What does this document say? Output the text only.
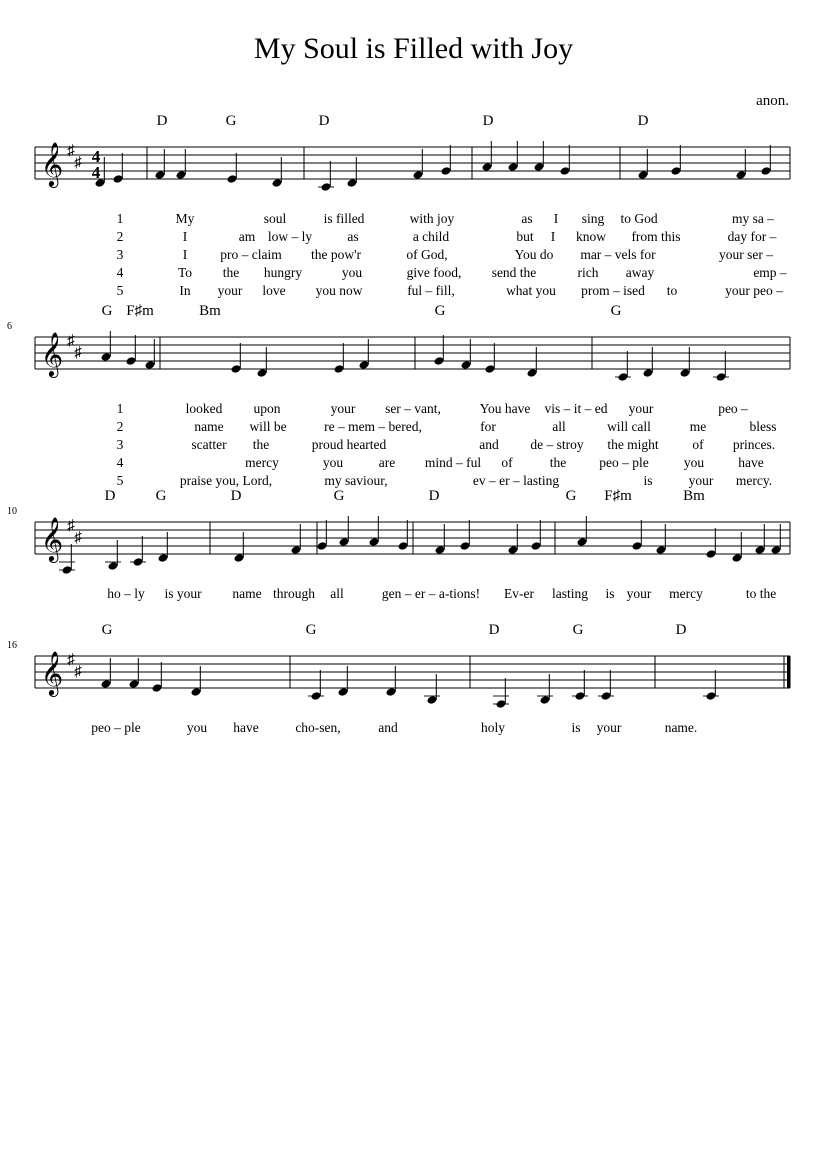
My Soul is Filled with Joy
anon.
𝄞 ♯
♯ 4
4
D	G	D	D	D
1	My	soul	is filled	with joy	as I sing to God	my sa –
2	I	am low – ly	as	a child	but I know from this	day for –
3	I pro – claim the pow'r	of God,	You do mar – vels for	your ser –
4	To the hungry	you	give food, send the	rich away	emp –
5	In your love you now	ful – fill,	what you prom – ised to	your peo –
𝄞 ♯
♯
6
G F♯m	Bm	G	G
1	looked upon	your ser – vant,	You have vis – it – ed your	peo –
2	name will be	re – mem – bered,	for	all	will call	me	bless
3	scatter the	proud hearted	and de – stroy the might of princes.
4	mercy	you	are mind – ful of	the peo – ple	you	have
5	praise you, Lord,	my saviour,	ev – er – lasting	is	your mercy.
𝄞 ♯
♯
10
D	G	D	G	D	G F♯m	Bm
ho – ly is your name through all	gen – er – a-tions! Ev-er lasting is your mercy	to the
𝄞 ♯
♯
16
G	G	D	G	D
peo – ple	you have	cho-sen,	and	holy	is your	name.
